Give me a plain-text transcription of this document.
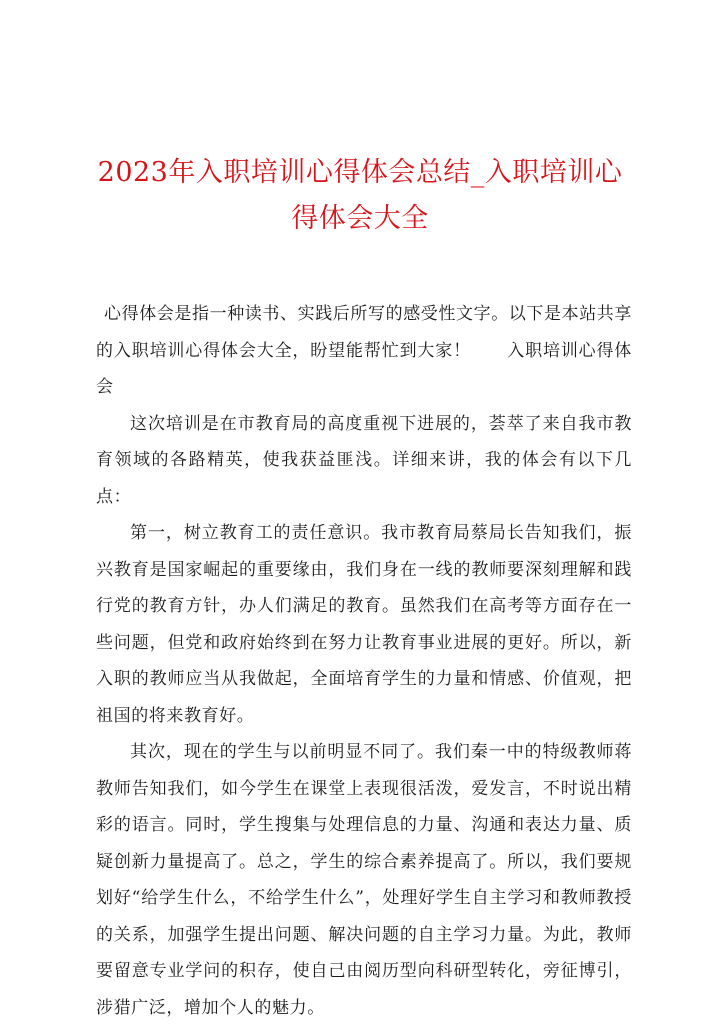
2023年入职培训心得体会总结_入职培训心得体会大全

心得体会是指一种读书、实践后所写的感受性文字。以下是本站共享的入职培训心得体会大全，盼望能帮忙到大家！ 入职培训心得体会

这次培训是在市教育局的高度重视下进展的，荟萃了来自我市教育领域的各路精英，使我获益匪浅。详细来讲，我的体会有以下几点：

第一，树立教育工的责任意识。我市教育局蔡局长告知我们，振兴教育是国家崛起的重要缘由，我们身在一线的教师要深刻理解和践行党的教育方针，办人们满足的教育。虽然我们在高考等方面存在一些问题，但党和政府始终到在努力让教育事业进展的更好。所以，新入职的教师应当从我做起，全面培育学生的力量和情感、价值观，把祖国的将来教育好。

其次，现在的学生与以前明显不同了。我们秦一中的特级教师蒋教师告知我们，如今学生在课堂上表现很活泼，爱发言，不时说出精彩的语言。同时，学生搜集与处理信息的力量、沟通和表达力量、质疑创新力量提高了。总之，学生的综合素养提高了。所以，我们要规划好“给学生什么，不给学生什么”，处理好学生自主学习和教师教授的关系，加强学生提出问题、解决问题的自主学习力量。为此，教师要留意专业学问的积存，使自己由阅历型向科研型转化，旁征博引，涉猎广泛，增加个人的魅力。
